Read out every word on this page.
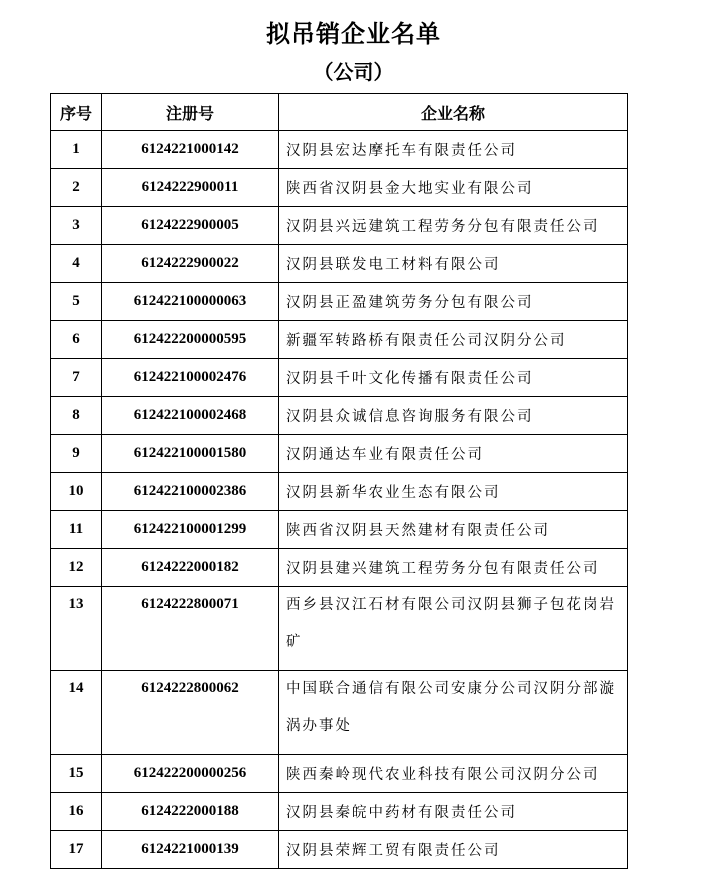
拟吊销企业名单
（公司）
序号	注册号	企业名称
1	6124221000142	汉阴县宏达摩托车有限责任公司
2	6124222900011	陕西省汉阴县金大地实业有限公司
3	6124222900005	汉阴县兴远建筑工程劳务分包有限责任公司
4	6124222900022	汉阴县联发电工材料有限公司
5	612422100000063	汉阴县正盈建筑劳务分包有限公司
6	612422200000595	新疆军转路桥有限责任公司汉阴分公司
7	612422100002476	汉阴县千叶文化传播有限责任公司
8	612422100002468	汉阴县众诚信息咨询服务有限公司
9	612422100001580	汉阴通达车业有限责任公司
10	612422100002386	汉阴县新华农业生态有限公司
11	612422100001299	陕西省汉阴县天然建材有限责任公司
12	6124222000182	汉阴县建兴建筑工程劳务分包有限责任公司
13	6124222800071	西乡县汉江石材有限公司汉阴县狮子包花岗岩矿
14	6124222800062	中国联合通信有限公司安康分公司汉阴分部漩涡办事处
15	612422200000256	陕西秦岭现代农业科技有限公司汉阴分公司
16	6124222000188	汉阴县秦皖中药材有限责任公司
17	6124221000139	汉阴县荣辉工贸有限责任公司
